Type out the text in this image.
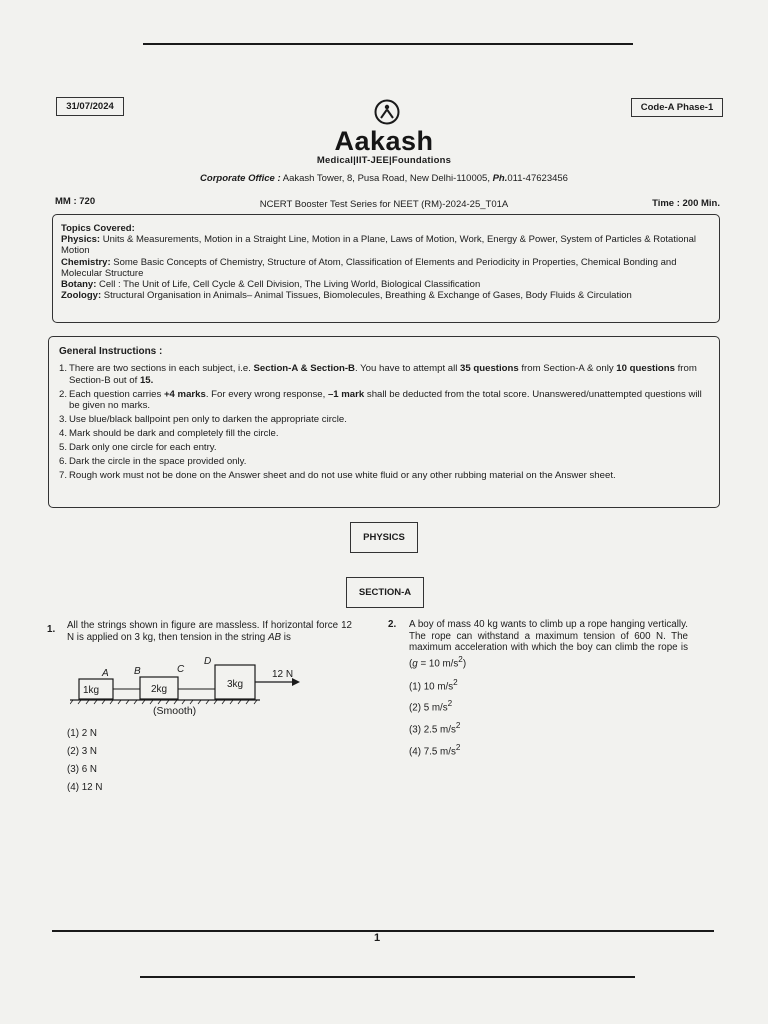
31/07/2024	Code-A Phase-1
Aakash
Medical|IIT-JEE|Foundations
Corporate Office : Aakash Tower, 8, Pusa Road, New Delhi-110005, Ph.011-47623456
MM : 720	NCERT Booster Test Series for NEET (RM)-2024-25_T01A	Time : 200 Min.
Topics Covered:
Physics: Units & Measurements, Motion in a Straight Line, Motion in a Plane, Laws of Motion, Work, Energy & Power, System of Particles & Rotational Motion
Chemistry: Some Basic Concepts of Chemistry, Structure of Atom, Classification of Elements and Periodicity in Properties, Chemical Bonding and Molecular Structure
Botany: Cell : The Unit of Life, Cell Cycle & Cell Division, The Living World, Biological Classification
Zoology: Structural Organisation in Animals– Animal Tissues, Biomolecules, Breathing & Exchange of Gases, Body Fluids & Circulation
General Instructions :
1. There are two sections in each subject, i.e. Section-A & Section-B. You have to attempt all 35 questions from Section-A & only 10 questions from Section-B out of 15.
2. Each question carries +4 marks. For every wrong response, –1 mark shall be deducted from the total score. Unanswered/unattempted questions will be given no marks.
3. Use blue/black ballpoint pen only to darken the appropriate circle.
4. Mark should be dark and completely fill the circle.
5. Dark only one circle for each entry.
6. Dark the circle in the space provided only.
7. Rough work must not be done on the Answer sheet and do not use white fluid or any other rubbing material on the Answer sheet.
PHYSICS
SECTION-A
1. All the strings shown in figure are massless. If horizontal force 12 N is applied on 3 kg, then tension in the string AB is
A	B	C
D
1kg	2kg	3kg
12 N
(Smooth)
(1) 2 N
(2) 3 N
(3) 6 N
(4) 12 N
2. A boy of mass 40 kg wants to climb up a rope hanging vertically. The rope can withstand a maximum tension of 600 N. The maximum acceleration with which the boy can climb the rope is (g = 10 $m/s^2$)
(1) 10 $m/s^2$
(2) 5 $m/s^2$
(3) 2.5 $m/s^2$
(4) 7.5 $m/s^2$
1
